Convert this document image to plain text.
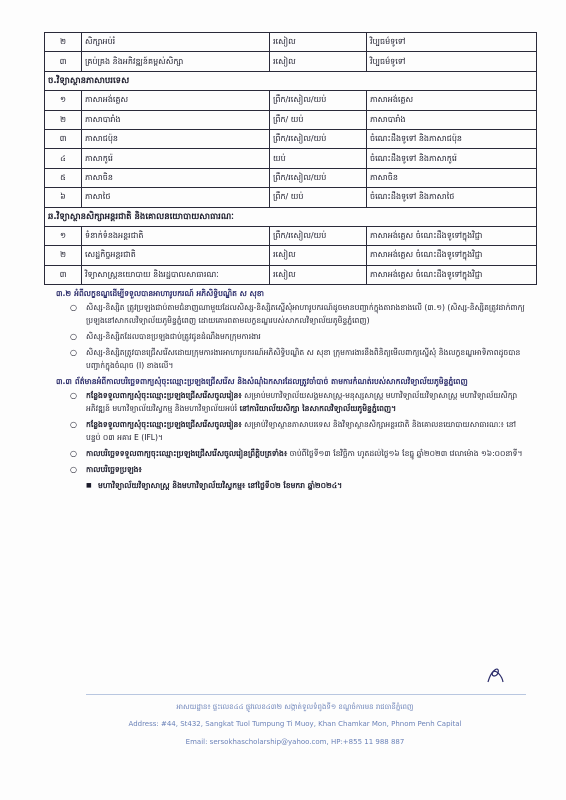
២	សិក្សាអប់រំ	រសៀល	វិប្បធម៌ទូទៅ
៣	គ្រប់គ្រង និងអភិវឌ្ឍន៍គម្ពស់សិក្សា	រសៀល	វិប្បធម៌ទូទៅ
ច.វិទ្យាស្ថានភាសាបរទេស			
១	ភាសាអង់គ្លេស	ព្រឹក/រសៀល/យប់	ភាសាអង់គ្លេស
២	ភាសាបារាំង	ព្រឹក/ យប់	ភាសាបារាំង
៣	ភាសាជប៉ុន	ព្រឹក/រសៀល/យប់	ចំណេះដឹងទូទៅ និងភាសាជប៉ុន
៤	ភាសាកូរ៉េ	យប់	ចំណេះដឹងទូទៅ និងភាសាកូរ៉េ
៥	ភាសាចិន	ព្រឹក/រសៀល/យប់	ភាសាចិន
៦	ភាសាថៃ	ព្រឹក/ យប់	ចំណេះដឹងទូទៅ និងភាសាថៃ
ឆ.វិទ្យាស្ថានសិក្សាអន្តរជាតិ និងគោលនយោបាយសាធារណៈ			
១	ទំនាក់ទំនងអន្តរជាតិ	ព្រឹក/រសៀល/យប់	ភាសាអង់គ្លេស ចំណេះដឹងទូទៅក្នុងវិជ្ជា
២	សេដ្ឋកិច្ចអន្តរជាតិ	រសៀល	ភាសាអង់គ្លេស ចំណេះដឹងទូទៅក្នុងវិជ្ជា
៣	វិទ្យាសាស្ត្រនយោបាយ និងរដ្ឋបាលសាធារណៈ	រសៀល	ភាសាអង់គ្លេស ចំណេះដឹងទូទៅក្នុងវិជ្ជា

៣.២ អំពីលក្ខខណ្ឌដើម្បីទទួលបានអាហារូបករណ៍ អភិសិទ្ធិបណ្ឌិត ស សុខា

○ សិស្ស-និស្សិត ត្រូវប្រឡងជាប់តាមជំនាញណាមួយដែលសិស្ស-និស្សិតស្នើសុំអាហារូបករណ៍ដូចមានបញ្ជាក់ក្នុងតារាងខាងលើ (៣.១) (សិស្ស-និស្សិតត្រូវដាក់ពាក្យប្រឡងនៅសាកលវិទ្យាល័យភូមិន្ទភ្នំពេញ ដោយគោរពតាមលក្ខខណ្ឌរបស់សាកលវិទ្យាល័យភូមិន្ទភ្នំពេញ)
○ សិស្ស-និស្សិតដែលបានប្រឡងជាប់ត្រូវជូនដំណឹងមកក្រុមការងារ
○ សិស្ស-និស្សិតត្រូវបានជ្រើសរើសដោយក្រុមការងារអាហារូបករណ៍អភិសិទ្ធិបណ្ឌិត ស សុខា ក្រុមការងារនឹងពិនិត្យមើលពាក្យស្នើសុំ និងលក្ខខណ្ឌអាទិភាពដូចបានបញ្ជាក់ក្នុងចំណុច (I) ខាងលើ។

៣.៣ ព័ត៌មានអំពីកាលបរិច្ឆេទពាក្យសុំចុះឈ្មោះប្រឡងជ្រើសរើស និងសំណុំឯកសារដែលត្រូវចាំបាច់ តាមការកំណត់របស់សាកលវិទ្យាល័យភូមិន្ទភ្នំពេញ

○ កន្លែងទទួលពាក្យសុំចុះឈ្មោះប្រឡងជ្រើសរើសចូលរៀន៖ សម្រាប់មហាវិទ្យាល័យសង្គមសាស្ត្រ-មនុស្សសាស្ត្រ មហាវិទ្យាល័យវិទ្យាសាស្ត្រ មហាវិទ្យាល័យសិក្សាអភិវឌ្ឍន៍ មហាវិទ្យាល័យវិស្វកម្ម និងមហាវិទ្យាល័យអប់រំ នៅការិយាល័យសិក្សា នៃសាកលវិទ្យាល័យភូមិន្ទភ្នំពេញ។
○ កន្លែងទទួលពាក្យសុំចុះឈ្មោះប្រឡងជ្រើសរើសចូលរៀន៖ សម្រាប់វិទ្យាស្ថានភាសាបរទេស និងវិទ្យាស្ថានសិក្សាអន្តរជាតិ និងគោលនយោបាយសាធារណៈ៖ នៅបន្ទប់ ០៣ អគារ E (IFL)។
○ កាលបរិច្ឆេទទទួលពាក្យចុះឈ្មោះប្រឡងជ្រើសរើសចូលរៀនព្រឹត្តិបត្រទាំង៖ ចាប់ពីថ្ងៃទី១៣ ខែវិច្ឆិកា ហូតដល់ថ្ងៃ១៦ ខែធ្នូ ឆ្នាំ២០២៣ វេលាម៉ោង ១៦:០០នាទី។
○ កាលបរិច្ឆេទប្រឡង៖
■ មហាវិទ្យាល័យវិទ្យាសាស្ត្រ និងមហាវិទ្យាល័យវិស្វកម្ម៖ នៅថ្ងៃទី០២ ខែមករា ឆ្នាំ២០២៤។
អាសយដ្ឋាន៖ ផ្ទះលេខ៤៤ ផ្លូវលេខ៤៣២ សង្កាត់ទួលទំពូងទី១ ខណ្ឌចំការមន រាជធានីភ្នំពេញ
Address: #44, St432, Sangkat Tuol Tumpung Ti Muoy, Khan Chamkar Mon, Phnom Penh Capital
Email: sersokhascholarship@yahoo.com, HP:+855 11 988 887
